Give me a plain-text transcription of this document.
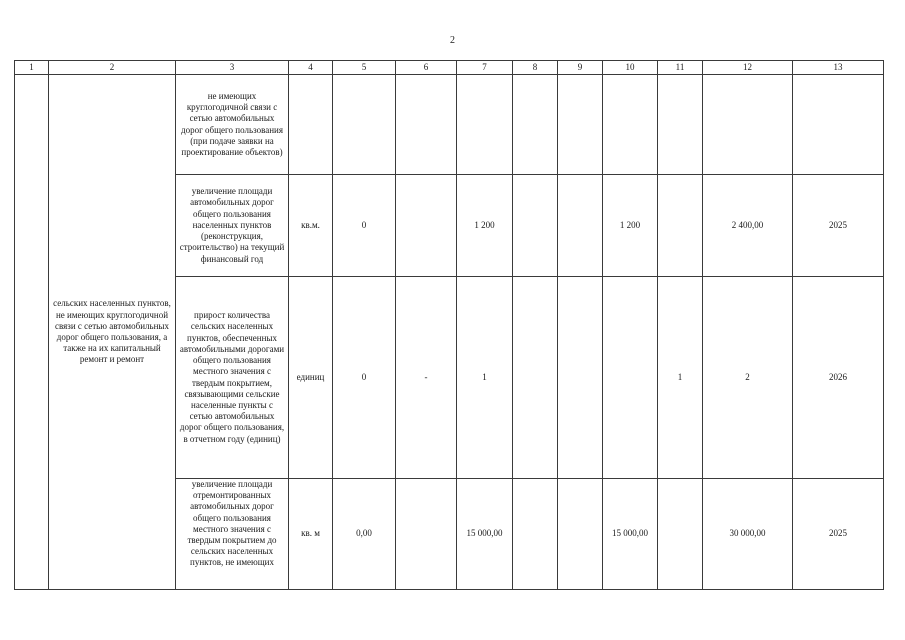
2
1	2	3	4	5	6	7	8	9	10	11	12	13
	сельских населенных пунктов, не имеющих круглогодичной связи с сетью автомобильных дорог общего пользования, а также на их капитальный ремонт и ремонт	не имеющих круглогодичной связи с сетью автомобильных дорог общего пользования (при подаче заявки на проектирование объектов)										
		увеличение площади автомобильных дорог общего пользования населенных пунктов (реконструкция, строительство) на текущий финансовый год	кв.м.	0		1 200			1 200		2 400,00	2025
		прирост количества сельских населенных пунктов, обеспеченных автомобильными дорогами общего пользования местного значения с твердым покрытием, связывающими сельские населенные пункты с сетью автомобильных дорог общего пользования, в отчетном году (единиц)	единиц	0	-	1				1	2	2026

		увеличение площади отремонтированных автомобильных дорог общего пользования местного значения с твердым покрытием до сельских населенных пунктов, не имеющих	кв. м	0,00		15 000,00			15 000,00		30 000,00	2025
